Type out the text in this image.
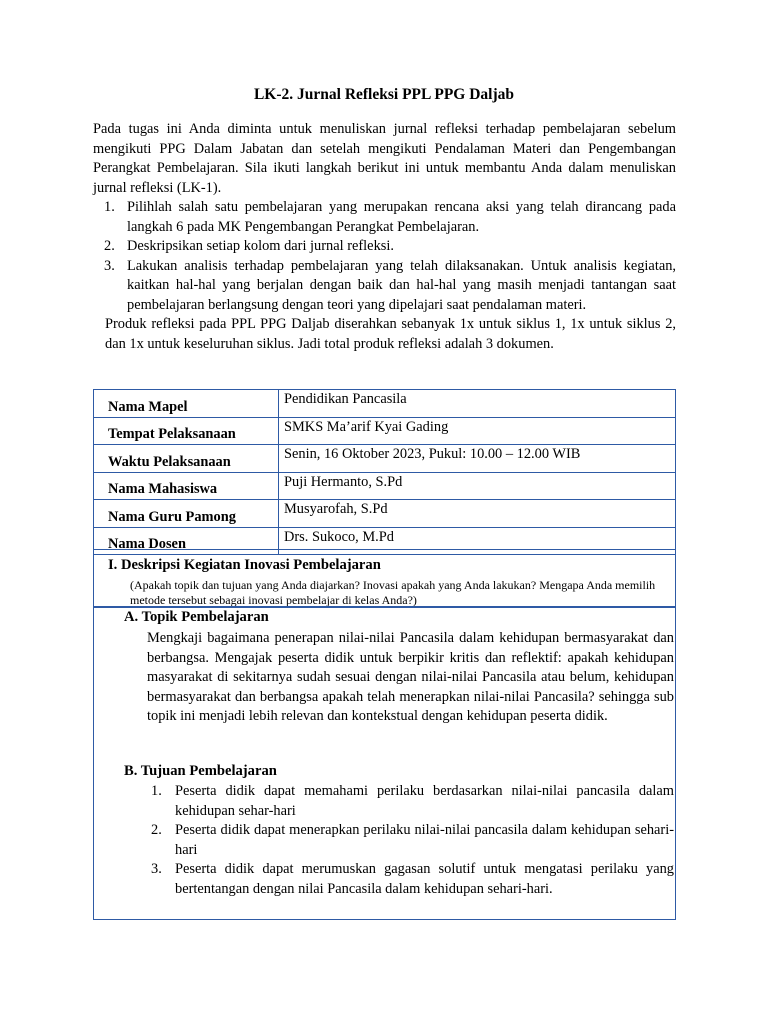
LK-2. Jurnal Refleksi PPL PPG Daljab

Pada tugas ini Anda diminta untuk menuliskan jurnal refleksi terhadap pembelajaran sebelum mengikuti PPG Dalam Jabatan dan setelah mengikuti Pendalaman Materi dan Pengembangan Perangkat Pembelajaran. Sila ikuti langkah berikut ini untuk membantu Anda dalam menuliskan jurnal refleksi (LK-1).

1. Pilihlah salah satu pembelajaran yang merupakan rencana aksi yang telah dirancang pada langkah 6 pada MK Pengembangan Perangkat Pembelajaran.
2. Deskripsikan setiap kolom dari jurnal refleksi.
3. Lakukan analisis terhadap pembelajaran yang telah dilaksanakan. Untuk analisis kegiatan, kaitkan hal-hal yang berjalan dengan baik dan hal-hal yang masih menjadi tantangan saat pembelajaran berlangsung dengan teori yang dipelajari saat pendalaman materi.

Produk refleksi pada PPL PPG Daljab diserahkan sebanyak 1x untuk siklus 1, 1x untuk siklus 2, dan 1x untuk keseluruhan siklus. Jadi total produk refleksi adalah 3 dokumen.

Nama Mapel	Pendidikan Pancasila
Tempat Pelaksanaan	SMKS Ma’arif Kyai Gading
Waktu Pelaksanaan	Senin, 16 Oktober 2023, Pukul: 10.00 – 12.00 WIB
Nama Mahasiswa	Puji Hermanto, S.Pd
Nama Guru Pamong	Musyarofah, S.Pd
Nama Dosen	Drs. Sukoco, M.Pd
I. Deskripsi Kegiatan Inovasi Pembelajaran
(Apakah topik dan tujuan yang Anda diajarkan? Inovasi apakah yang Anda lakukan? Mengapa Anda memilih metode tersebut sebagai inovasi pembelajar di kelas Anda?)
A. Topik Pembelajaran
Mengkaji bagaimana penerapan nilai-nilai Pancasila dalam kehidupan bermasyarakat dan berbangsa. Mengajak peserta didik untuk berpikir kritis dan reflektif: apakah kehidupan masyarakat di sekitarnya sudah sesuai dengan nilai-nilai Pancasila atau belum, kehidupan bermasyarakat dan berbangsa apakah telah menerapkan nilai-nilai Pancasila? sehingga sub topik ini menjadi lebih relevan dan kontekstual dengan kehidupan peserta didik.
B. Tujuan Pembelajaran
1. Peserta didik dapat memahami perilaku berdasarkan nilai-nilai pancasila dalam kehidupan sehar-hari
2. Peserta didik dapat menerapkan perilaku nilai-nilai pancasila dalam kehidupan sehari-hari
3. Peserta didik dapat merumuskan gagasan solutif untuk mengatasi perilaku yang bertentangan dengan nilai Pancasila dalam kehidupan sehari-hari.
